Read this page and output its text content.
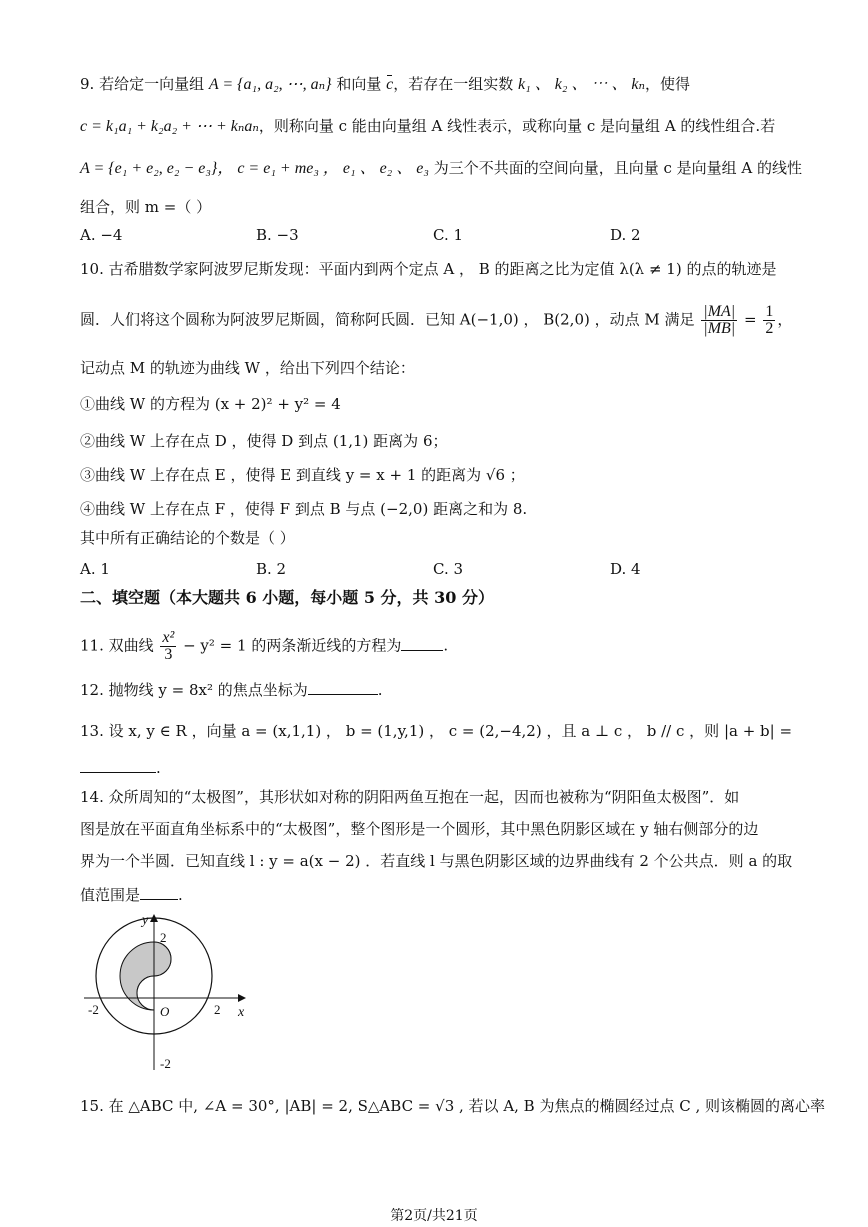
9. 若给定一向量组 A = {a₁, a₂, ⋯, aₙ} 和向量 c，若存在一组实数 k₁ 、 k₂ 、 ⋯ 、 kₙ，使得
c = k₁a₁ + k₂a₂ + ⋯ + kₙaₙ，则称向量 c 能由向量组 A 线性表示，或称向量 c 是向量组 A 的线性组合.若
A = {e₁ + e₂, e₂ − e₃}， c = e₁ + me₃ ， e₁ 、 e₂ 、 e₃ 为三个不共面的空间向量，且向量 c 是向量组 A 的线性
组合，则 m =（ ）
A. −4	B. −3	C. 1	D. 2
10. 古希腊数学家阿波罗尼斯发现：平面内到两个定点 A ， B 的距离之比为定值 λ(λ ≠ 1) 的点的轨迹是
圆．人们将这个圆称为阿波罗尼斯圆，简称阿氏圆．已知 A(−1,0) ， B(2,0) ，动点 M 满足 $\frac{|MA|}{|MB|} = \frac{1}{2}$ ，
记动点 M 的轨迹为曲线 W ，给出下列四个结论：
①曲线 W 的方程为 (x + 2)² + y² = 4
②曲线 W 上存在点 D ，使得 D 到点 (1,1) 距离为 6；
③曲线 W 上存在点 E ，使得 E 到直线 y = x + 1 的距离为 √6 ；
④曲线 W 上存在点 F ，使得 F 到点 B 与点 (−2,0) 距离之和为 8.
其中所有正确结论的个数是（ ）
A. 1	B. 2	C. 3	D. 4
二、填空题（本大题共 6 小题，每小题 5 分，共 30 分）
11. 双曲线 $\frac{\text{x²}}{3} - y^2 = 1$ 的两条渐近线的方程为	.
12. 抛物线 y = 8x² 的焦点坐标为	.
13. 设 x, y ∈ R ，向量 a = (x,1,1) ， b = (1,y,1) ， c = (2,−4,2) ，且 a ⊥ c ， b // c ，则 |a + b| =
.
14. 众所周知的“太极图”，其形状如对称的阴阳两鱼互抱在一起，因而也被称为“阴阳鱼太极图”．如
图是放在平面直角坐标系中的“太极图”，整个图形是一个圆形，其中黑色阴影区域在 y 轴右侧部分的边
界为一个半圆．已知直线 l : y = a(x − 2) ．若直线 l 与黑色阴影区域的边界曲线有 2 个公共点．则 a 的取
值范围是	.
y
x
O
2
-2
-2	2
15. 在 △ABC 中, ∠A = 30°, |AB| = 2, S△ABC = √3 , 若以 A, B 为焦点的椭圆经过点 C , 则该椭圆的离心率
第2页/共21页
